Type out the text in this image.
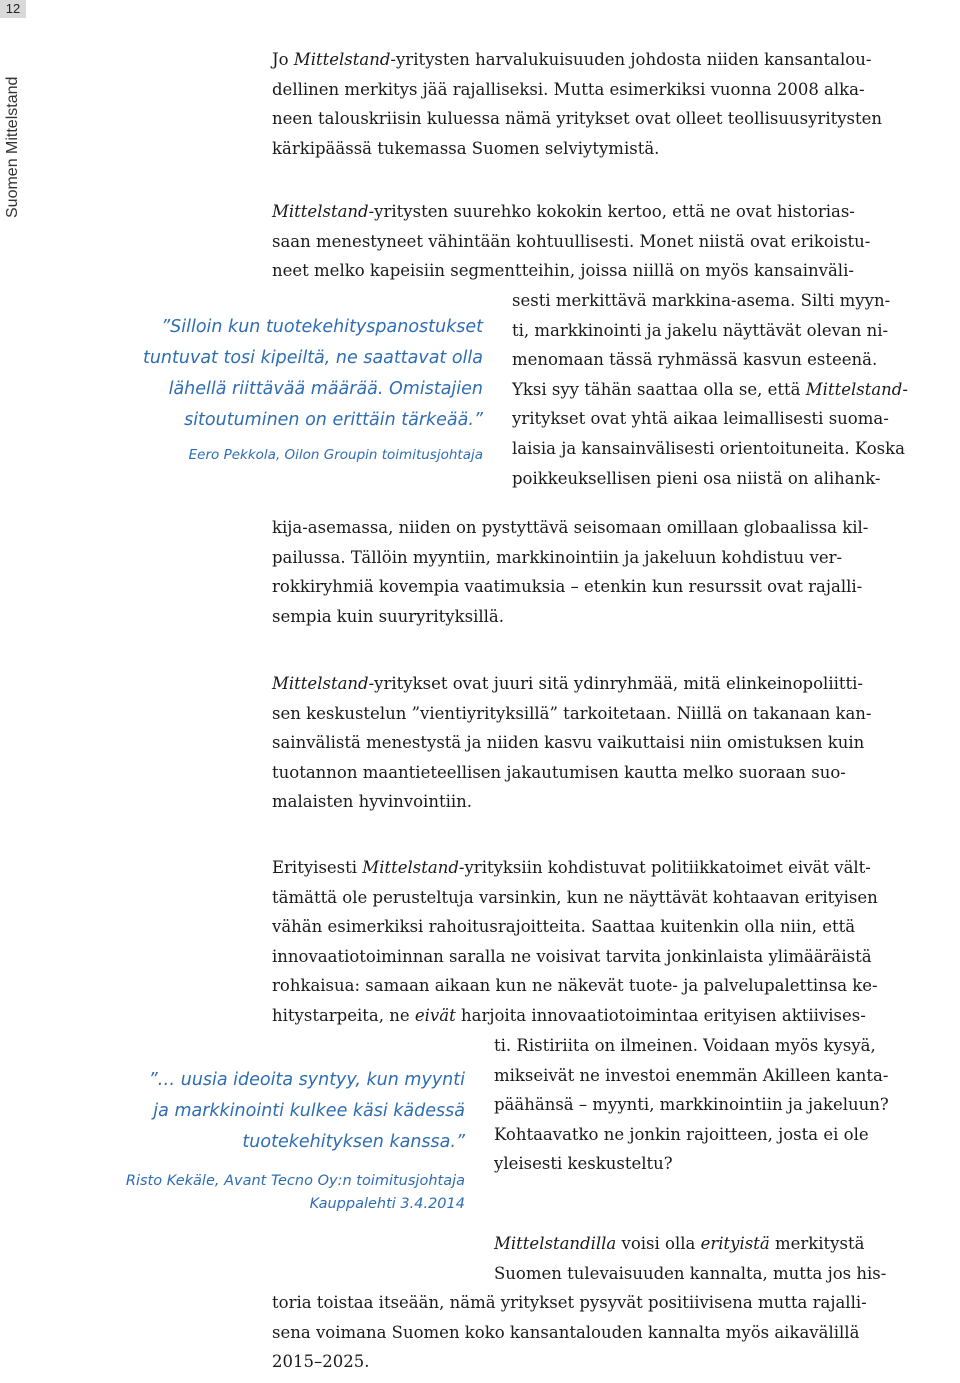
12
Suomen Mittelstand
Jo Mittelstand-yritysten harvalukuisuuden johdosta niiden kansantalou-
dellinen merkitys jää rajalliseksi. Mutta esimerkiksi vuonna 2008 alka-
neen talouskriisin kuluessa nämä yritykset ovat olleet teollisuusyritysten
kärkipäässä tukemassa Suomen selviytymistä.
Mittelstand-yritysten suurehko kokokin kertoo, että ne ovat historias-
saan menestyneet vähintään kohtuullisesti. Monet niistä ovat erikoistu-
neet melko kapeisiin segmentteihin, joissa niillä on myös kansainväli-
sesti merkittävä markkina-asema. Silti myyn-
ti, markkinointi ja jakelu näyttävät olevan ni-
menomaan tässä ryhmässä kasvun esteenä.
Yksi syy tähän saattaa olla se, että Mittelstand-
yritykset ovat yhtä aikaa leimallisesti suoma-
laisia ja kansainvälisesti orientoituneita. Koska
poikkeuksellisen pieni osa niistä on alihank-
kija-asemassa, niiden on pystyttävä seisomaan omillaan globaalissa kil-
pailussa. Tällöin myyntiin, markkinointiin ja jakeluun kohdistuu ver-
rokkiryhmiä kovempia vaatimuksia – etenkin kun resurssit ovat rajalli-
sempia kuin suuryrityksillä.
Mittelstand-yritykset ovat juuri sitä ydinryhmää, mitä elinkeinopoliitti-
sen keskustelun ”vientiyrityksillä” tarkoitetaan. Niillä on takanaan kan-
sainvälistä menestystä ja niiden kasvu vaikuttaisi niin omistuksen kuin
tuotannon maantieteellisen jakautumisen kautta melko suoraan suo-
malaisten hyvinvointiin.
Erityisesti Mittelstand-yrityksiin kohdistuvat politiikkatoimet eivät vält-
tämättä ole perusteltuja varsinkin, kun ne näyttävät kohtaavan erityisen
vähän esimerkiksi rahoitusrajoitteita. Saattaa kuitenkin olla niin, että
innovaatiotoiminnan saralla ne voisivat tarvita jonkinlaista ylimääräistä
rohkaisua: samaan aikaan kun ne näkevät tuote- ja palvelupalettinsa ke-
hitystarpeita, ne eivät harjoita innovaatiotoimintaa erityisen aktiivises-
ti. Ristiriita on ilmeinen. Voidaan myös kysyä,
mikseivät ne investoi enemmän Akilleen kanta-
päähänsä – myynti, markkinointiin ja jakeluun?
Kohtaavatko ne jonkin rajoitteen, josta ei ole
yleisesti keskusteltu?
Mittelstandilla voisi olla erityistä merkitystä
Suomen tulevaisuuden kannalta, mutta jos his-
toria toistaa itseään, nämä yritykset pysyvät positiivisena mutta rajalli-
sena voimana Suomen koko kansantalouden kannalta myös aikavälillä
2015–2025.
”Silloin kun tuotekehityspanostukset
tuntuvat tosi kipeiltä, ne saattavat olla
lähellä riittävää määrää. Omistajien
sitoutuminen on erittäin tärkeää.”
Eero Pekkola, Oilon Groupin toimitusjohtaja
”… uusia ideoita syntyy, kun myynti
ja markkinointi kulkee käsi kädessä
tuotekehityksen kanssa.”
Risto Kekäle, Avant Tecno Oy:n toimitusjohtaja
Kauppalehti 3.4.2014
